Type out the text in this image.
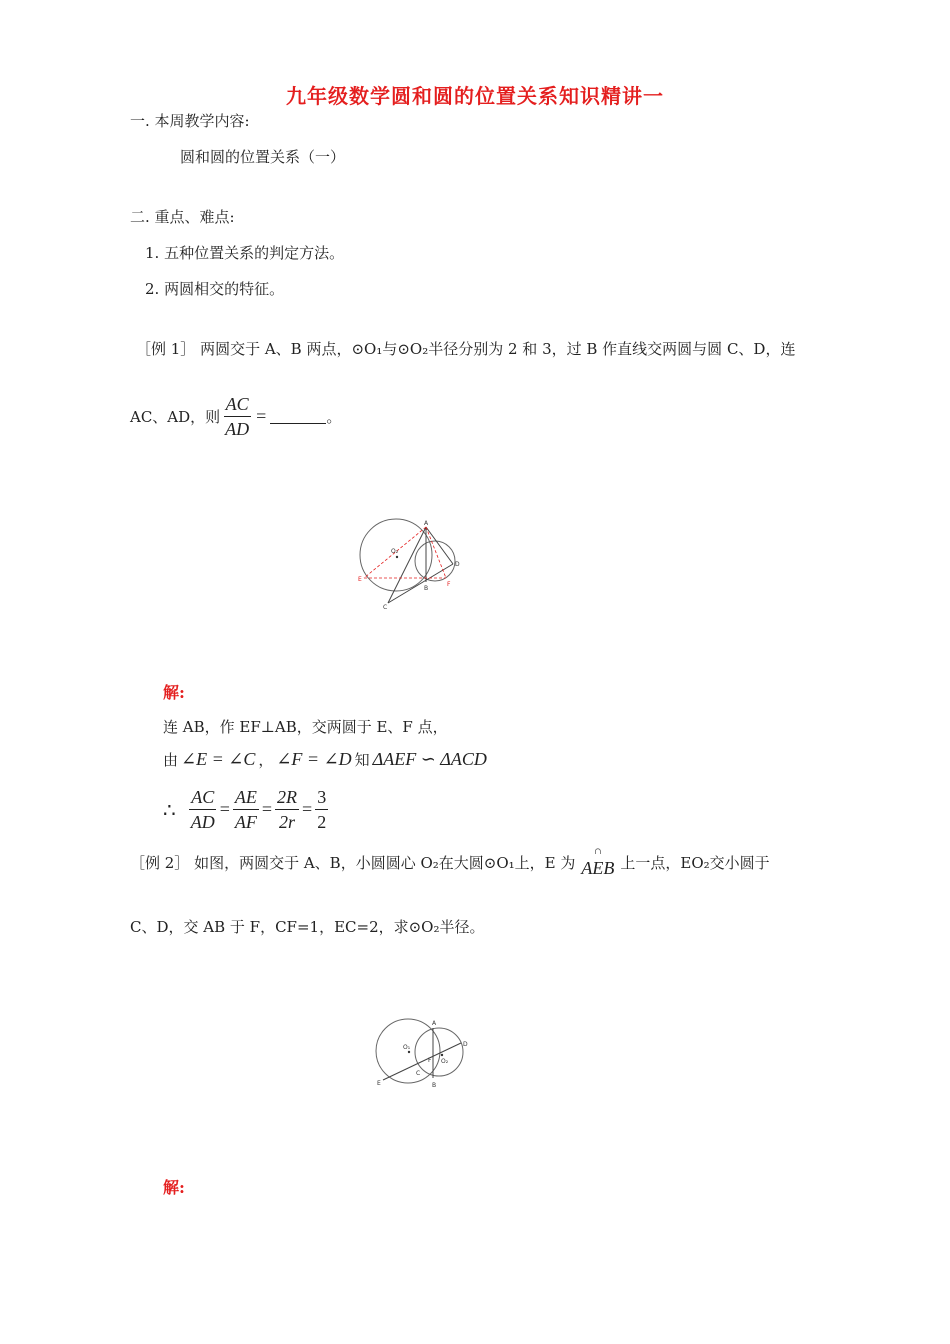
九年级数学圆和圆的位置关系知识精讲一
一. 本周教学内容:
圆和圆的位置关系（一）
二. 重点、难点:
1. 五种位置关系的判定方法。
2. 两圆相交的特征。
［例 1］ 两圆交于 A、B 两点，⊙O₁与⊙O₂半径分别为 2 和 3，过 B 作直线交两圆与圆 C、D，连
AC、AD，则 $\frac{AC}{AD}$ =	。
O₂
A
B
C
D
E
F
解:
连 AB，作 EF⊥AB，交两圆于 E、F 点，
由 ∠E = ∠C ， ∠F = ∠D 知 ΔAEF ∽ ΔACD
∴ $\frac{AC}{AD} = \frac{AE}{AF} = \frac{2R}{2r} = \frac{3}{2}$
［例 2］ 如图，两圆交于 A、B，小圆圆心 O₂在大圆⊙O₁上，E 为
∩
AEB 上一点，EO₂交小圆于
C、D，交 AB 于 F，CF=1，EC=2，求⊙O₂半径。
O₁
O₂
A
B
C
D
E
F
解:
